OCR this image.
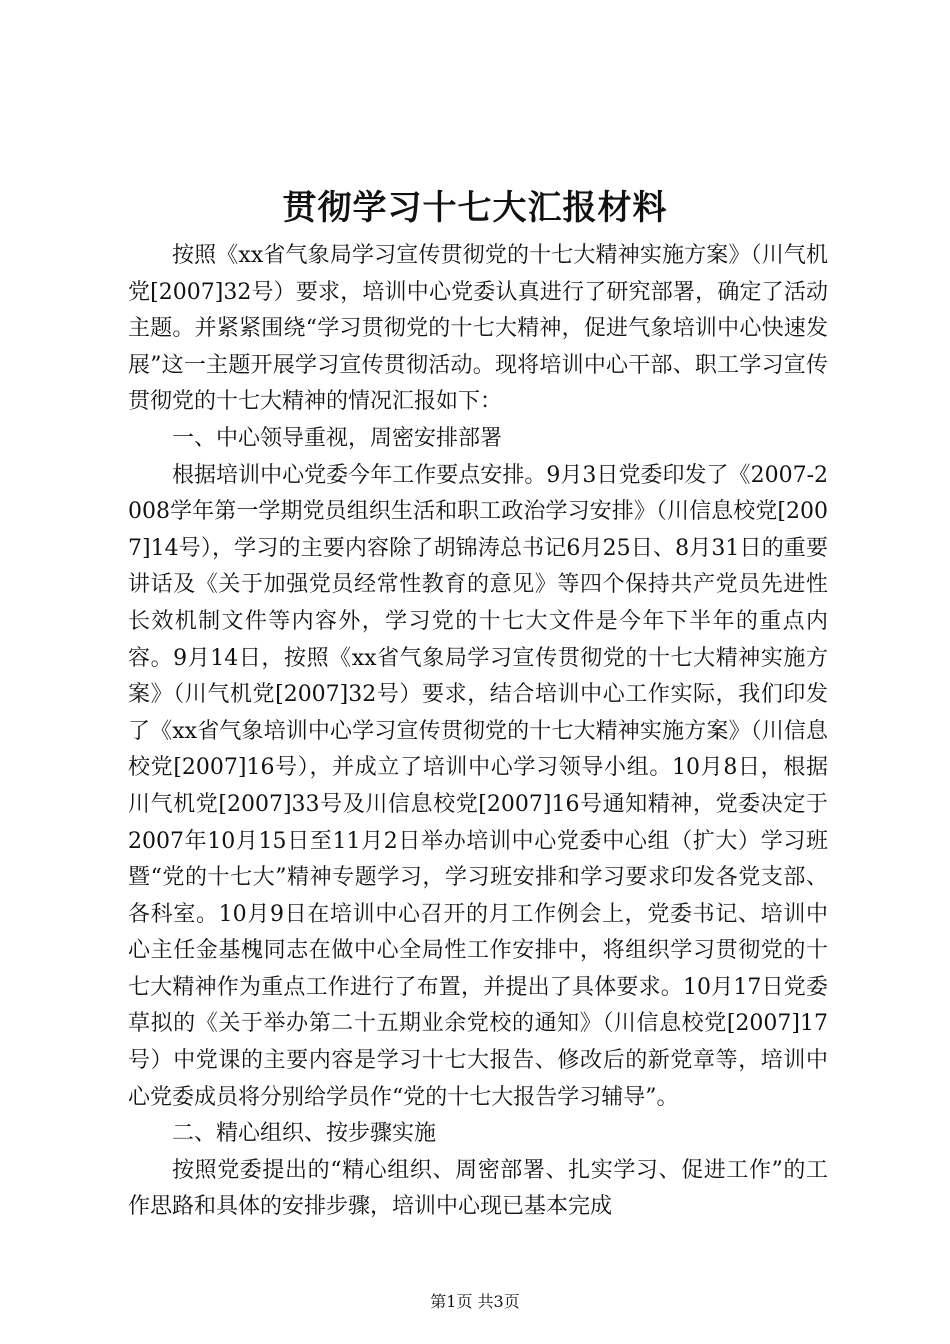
贯彻学习十七大汇报材料

按照《xx省气象局学习宣传贯彻党的十七大精神实施方案》（川气机党[2007]32号）要求，培训中心党委认真进行了研究部署，确定了活动主题。并紧紧围绕“学习贯彻党的十七大精神，促进气象培训中心快速发展”这一主题开展学习宣传贯彻活动。现将培训中心干部、职工学习宣传贯彻党的十七大精神的情况汇报如下：

一、中心领导重视，周密安排部署

根据培训中心党委今年工作要点安排。9月3日党委印发了《2007-2008学年第一学期党员组织生活和职工政治学习安排》（川信息校党[2007]14号），学习的主要内容除了胡锦涛总书记6月25日、8月31日的重要讲话及《关于加强党员经常性教育的意见》等四个保持共产党员先进性长效机制文件等内容外，学习党的十七大文件是今年下半年的重点内容。9月14日，按照《xx省气象局学习宣传贯彻党的十七大精神实施方案》（川气机党[2007]32号）要求，结合培训中心工作实际，我们印发了《xx省气象培训中心学习宣传贯彻党的十七大精神实施方案》（川信息校党[2007]16号），并成立了培训中心学习领导小组。10月8日，根据川气机党[2007]33号及川信息校党[2007]16号通知精神，党委决定于2007年10月15日至11月2日举办培训中心党委中心组（扩大）学习班暨“党的十七大”精神专题学习，学习班安排和学习要求印发各党支部、各科室。10月9日在培训中心召开的月工作例会上，党委书记、培训中心主任金基槐同志在做中心全局性工作安排中，将组织学习贯彻党的十七大精神作为重点工作进行了布置，并提出了具体要求。10月17日党委草拟的《关于举办第二十五期业余党校的通知》（川信息校党[2007]17号）中党课的主要内容是学习十七大报告、修改后的新党章等，培训中心党委成员将分别给学员作“党的十七大报告学习辅导”。

二、精心组织、按步骤实施

按照党委提出的“精心组织、周密部署、扎实学习、促进工作”的工作思路和具体的安排步骤，培训中心现已基本完成

第1页 共3页
